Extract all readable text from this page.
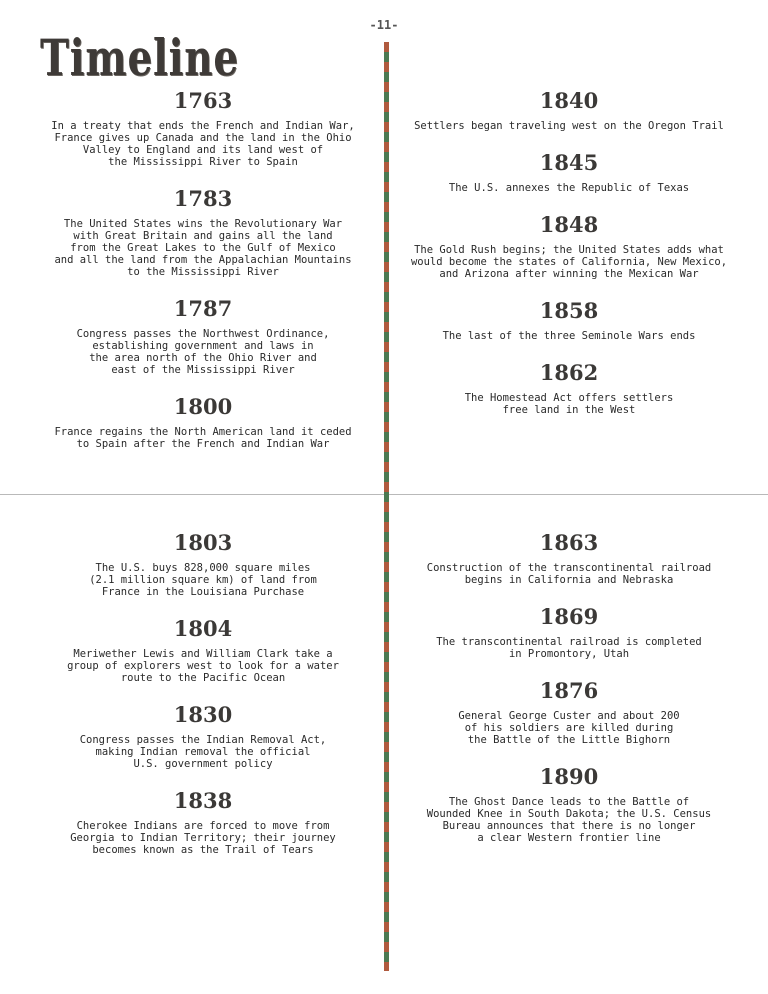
-11-
Timeline
1763
In a treaty that ends the French and Indian War,
France gives up Canada and the land in the Ohio
Valley to England and its land west of
the Mississippi River to Spain
1783
The United States wins the Revolutionary War
with Great Britain and gains all the land
from the Great Lakes to the Gulf of Mexico
and all the land from the Appalachian Mountains
to the Mississippi River
1787
Congress passes the Northwest Ordinance,
establishing government and laws in
the area north of the Ohio River and
east of the Mississippi River
1800
France regains the North American land it ceded
to Spain after the French and Indian War
1840
Settlers began traveling west on the Oregon Trail
1845
The U.S. annexes the Republic of Texas
1848
The Gold Rush begins; the United States adds what
would become the states of California, New Mexico,
and Arizona after winning the Mexican War
1858
The last of the three Seminole Wars ends
1862
The Homestead Act offers settlers
free land in the West
1803
The U.S. buys 828,000 square miles
(2.1 million square km) of land from
France in the Louisiana Purchase
1804
Meriwether Lewis and William Clark take a
group of explorers west to look for a water
route to the Pacific Ocean
1830
Congress passes the Indian Removal Act,
making Indian removal the official
U.S. government policy
1838
Cherokee Indians are forced to move from
Georgia to Indian Territory; their journey
becomes known as the Trail of Tears
1863
Construction of the transcontinental railroad
begins in California and Nebraska
1869
The transcontinental railroad is completed
in Promontory, Utah
1876
General George Custer and about 200
of his soldiers are killed during
the Battle of the Little Bighorn
1890
The Ghost Dance leads to the Battle of
Wounded Knee in South Dakota; the U.S. Census
Bureau announces that there is no longer
a clear Western frontier line
